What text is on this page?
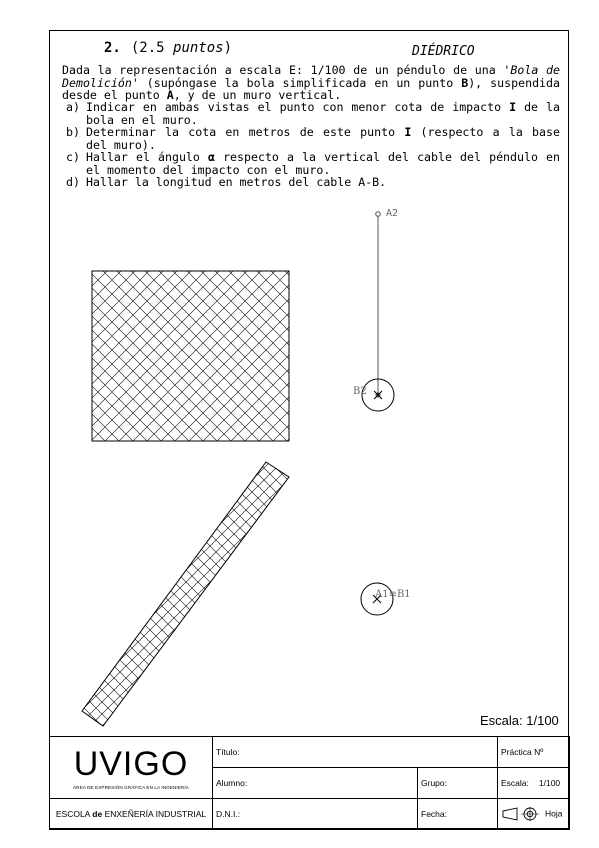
2. (2.5 puntos)	DIÉDRICO

Dada la representación a escala E: 1/100 de un péndulo de una 'Bola de Demolición' (supóngase la bola simplificada en un punto B), suspendida desde el punto A, y de un muro vertical.

a) Indicar en ambas vistas el punto con menor cota de impacto I de la bola en el muro.
b) Determinar la cota en metros de este punto I (respecto a la base del muro).
c) Hallar el ángulo α respecto a la vertical del cable del péndulo en el momento del impacto con el muro.
d) Hallar la longitud en metros del cable A-B.
A2
B2
A1≡B1
Escala: 1/100
UVIGO
ÁREA DE EXPRESIÓN GRÁFICA EN LA INGENIERÍA	Título:		Práctica Nº
	Alumno:	Grupo:	Escala: 1/100
ESCOLA de ENXEÑERÍA INDUSTRIAL	D.N.I.:	Fecha:	Hoja
